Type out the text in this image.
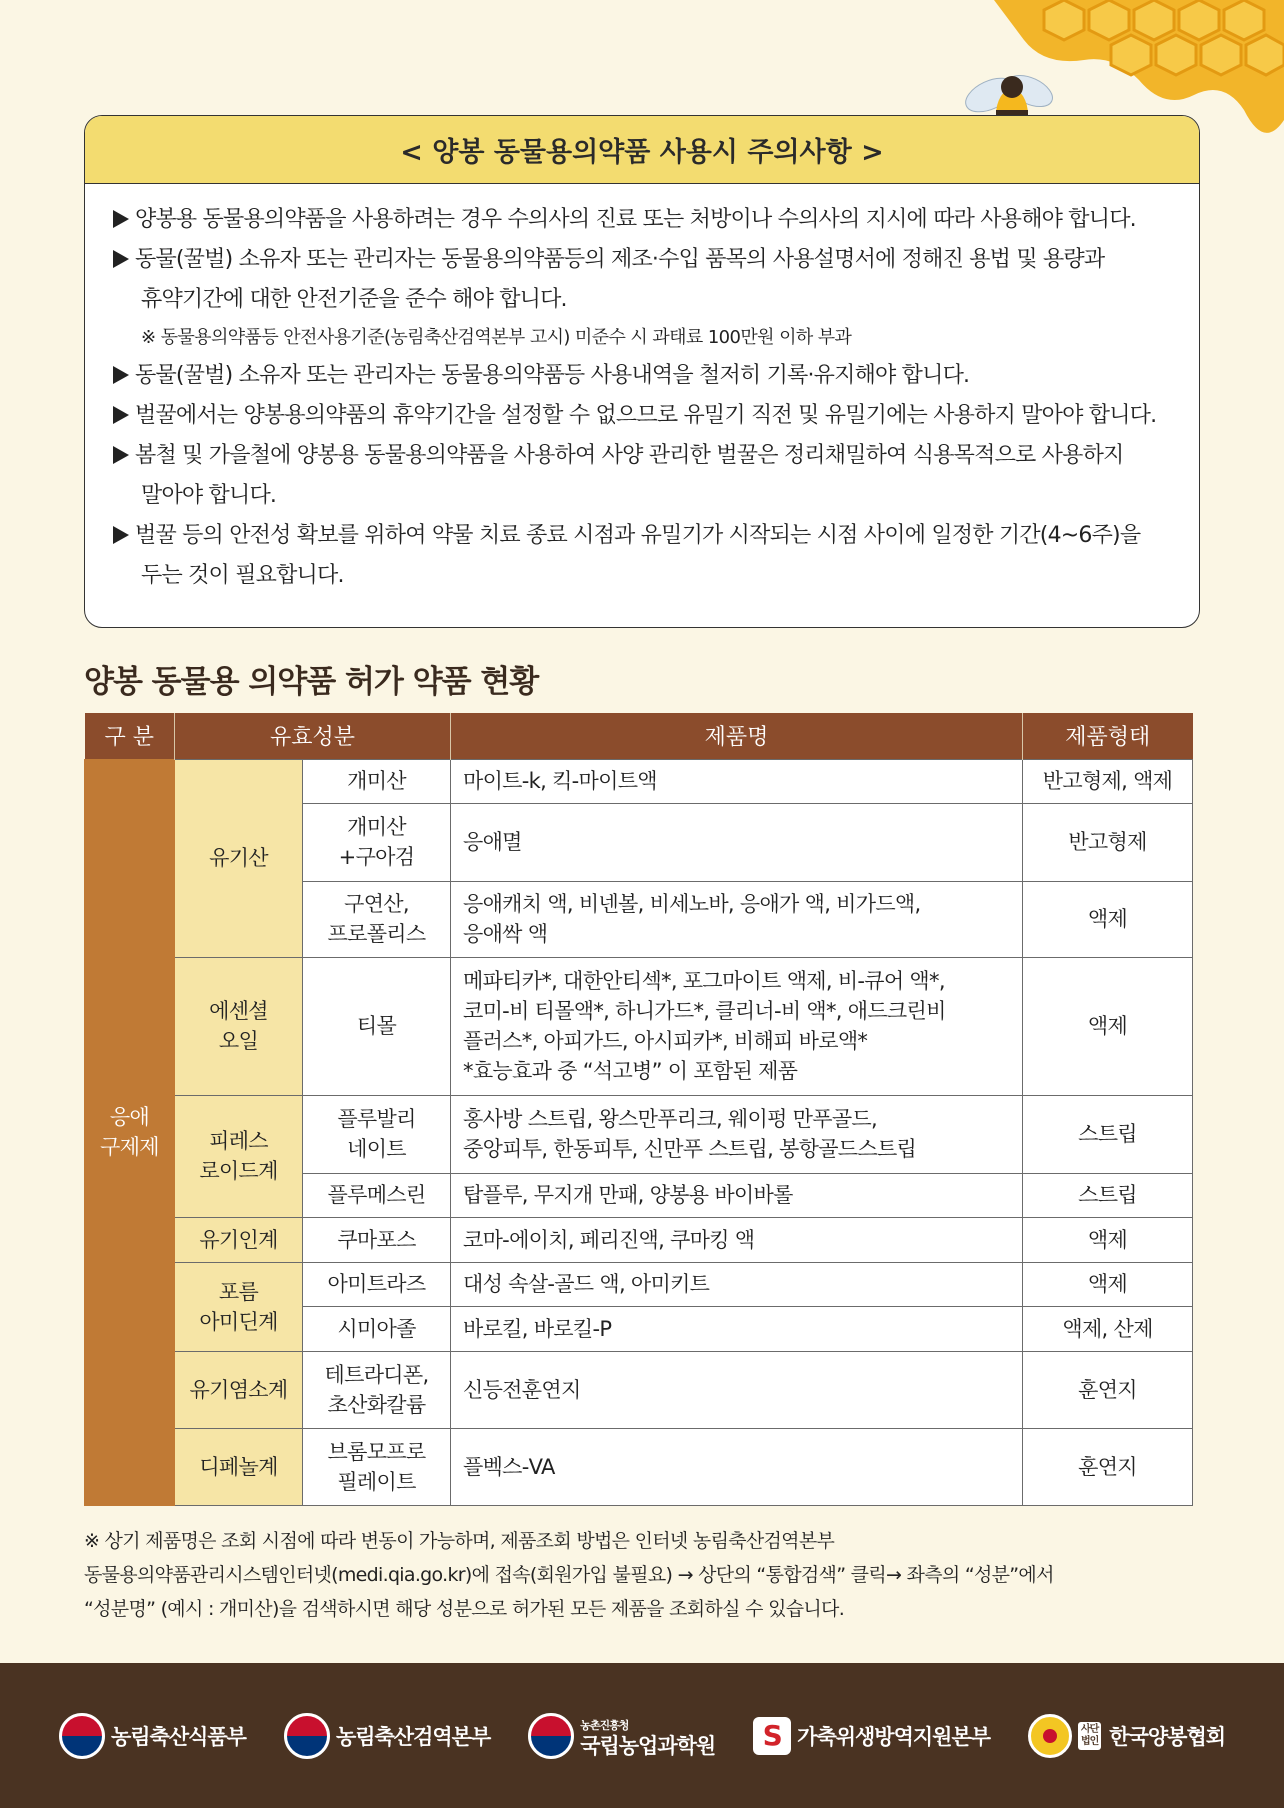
< 양봉 동물용의약품 사용시 주의사항 >
양봉용 동물용의약품을 사용하려는 경우 수의사의 진료 또는 처방이나 수의사의 지시에 따라 사용해야 합니다.
동물(꿀벌) 소유자 또는 관리자는 동물용의약품등의 제조·수입 품목의 사용설명서에 정해진 용법 및 용량과
휴약기간에 대한 안전기준을 준수 해야 합니다.
※ 동물용의약품등 안전사용기준(농림축산검역본부 고시) 미준수 시 과태료 100만원 이하 부과
동물(꿀벌) 소유자 또는 관리자는 동물용의약품등 사용내역을 철저히 기록·유지해야 합니다.
벌꿀에서는 양봉용의약품의 휴약기간을 설정할 수 없으므로 유밀기 직전 및 유밀기에는 사용하지 말아야 합니다.
봄철 및 가을철에 양봉용 동물용의약품을 사용하여 사양 관리한 벌꿀은 정리채밀하여 식용목적으로 사용하지
말아야 합니다.
벌꿀 등의 안전성 확보를 위하여 약물 치료 종료 시점과 유밀기가 시작되는 시점 사이에 일정한 기간(4~6주)을
두는 것이 필요합니다.
양봉 동물용 의약품 허가 약품 현황
구 분	유효성분		제품명	제품형태

응애
구제제	유기산	개미산	마이트-k, 킥-마이트액	반고형제, 액제

		개미산
+구아검	응애멸	반고형제

		구연산,
프로폴리스	응애캐치 액, 비넨볼, 비세노바, 응애가 액, 비가드액,
응애싹 액	액제

	에센셜
오일	티몰	메파티카*, 대한안티섹*, 포그마이트 액제, 비-큐어 액*,
코미-비 티몰액*, 하니가드*, 클리너-비 액*, 애드크린비
플러스*, 아피가드, 아시피카*, 비해피 바로액*
*효능효과 중 “석고병” 이 포함된 제품	액제

	피레스
로이드계	플루발리
네이트	홍사방 스트립, 왕스만푸리크, 웨이펑 만푸골드,
중앙피투, 한동피투, 신만푸 스트립, 봉항골드스트립	스트립

		플루메스린	탑플루, 무지개 만패, 양봉용 바이바롤	스트립

	유기인계	쿠마포스	코마-에이치, 페리진액, 쿠마킹 액	액제

	포름
아미딘계	아미트라즈	대성 속살-골드 액, 아미키트	액제

		시미아졸	바로킬, 바로킬-P	액제, 산제

	유기염소계	테트라디폰,
초산화칼륨	신등전훈연지	훈연지

	디페놀계	브롬모프로
필레이트	플벡스-VA	훈연지
※ 상기 제품명은 조회 시점에 따라 변동이 가능하며, 제품조회 방법은 인터넷 농림축산검역본부
동물용의약품관리시스템인터넷(medi.qia.go.kr)에 접속(회원가입 불필요) → 상단의 “통합검색” 클릭→ 좌측의 “성분”에서
“성분명” (예시 : 개미산)을 검색하시면 해당 성분으로 허가된 모든 제품을 조회하실 수 있습니다.
농림축산식품부	농림축산검역본부	농촌진흥청
국립농업과학원	S 가축위생방역지원본부	사단
법인 한국양봉협회
